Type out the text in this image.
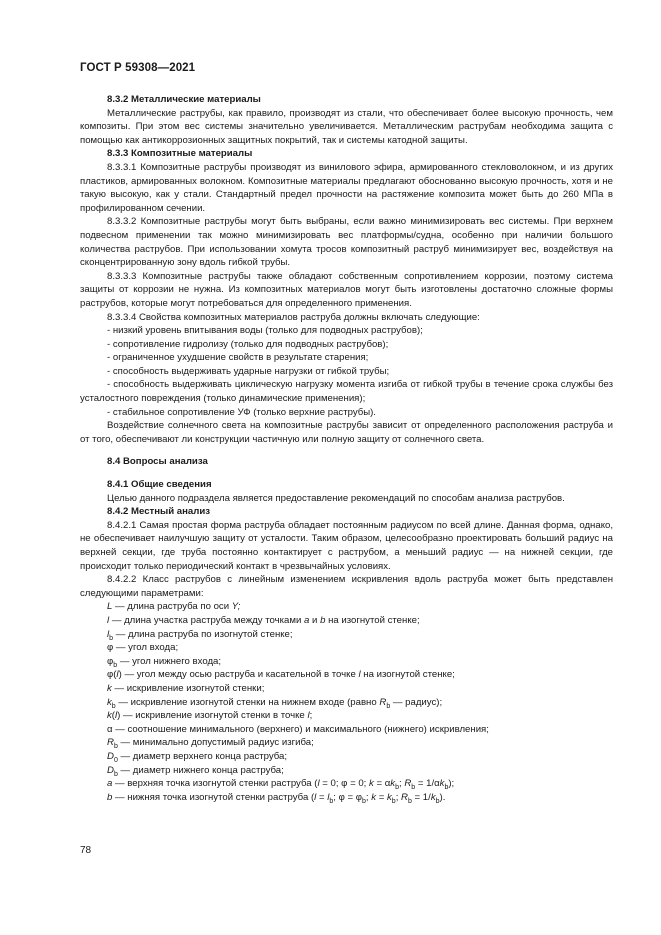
ГОСТ Р 59308—2021

8.3.2 Металлические материалы

Металлические раструбы, как правило, производят из стали, что обеспечивает более высокую прочность, чем композиты. При этом вес системы значительно увеличивается. Металлическим раструбам необходима защита с помощью как антикоррозионных защитных покрытий, так и системы катодной защиты.

8.3.3 Композитные материалы

8.3.3.1 Композитные раструбы производят из винилового эфира, армированного стекловолокном, и из других пластиков, армированных волокном. Композитные материалы предлагают обоснованно высокую прочность, хотя и не такую высокую, как у стали. Стандартный предел прочности на растяжение композита может быть до 260 МПа в профилированном сечении.

8.3.3.2 Композитные раструбы могут быть выбраны, если важно минимизировать вес системы. При верхнем подвесном применении так можно минимизировать вес платформы/судна, особенно при наличии большого количества раструбов. При использовании хомута тросов композитный раструб минимизирует вес, воздействуя на сконцентрированную зону вдоль гибкой трубы.

8.3.3.3 Композитные раструбы также обладают собственным сопротивлением коррозии, поэтому система защиты от коррозии не нужна. Из композитных материалов могут быть изготовлены достаточно сложные формы раструбов, которые могут потребоваться для определенного применения.

8.3.3.4 Свойства композитных материалов раструба должны включать следующие:

- низкий уровень впитывания воды (только для подводных раструбов);

- сопротивление гидролизу (только для подводных раструбов);

- ограниченное ухудшение свойств в результате старения;

- способность выдерживать ударные нагрузки от гибкой трубы;

- способность выдерживать циклическую нагрузку момента изгиба от гибкой трубы в течение срока службы без усталостного повреждения (только динамические применения);

- стабильное сопротивление УФ (только верхние раструбы).

Воздействие солнечного света на композитные раструбы зависит от определенного расположения раструба и от того, обеспечивают ли конструкции частичную или полную защиту от солнечного света.

8.4 Вопросы анализа

8.4.1 Общие сведения

Целью данного подраздела является предоставление рекомендаций по способам анализа раструбов.

8.4.2 Местный анализ

8.4.2.1 Самая простая форма раструба обладает постоянным радиусом по всей длине. Данная форма, однако, не обеспечивает наилучшую защиту от усталости. Таким образом, целесообразно проектировать больший радиус на верхней секции, где труба постоянно контактирует с раструбом, а меньший радиус — на нижней секции, где происходит только периодический контакт в чрезвычайных условиях.

8.4.2.2 Класс раструбов с линейным изменением искривления вдоль раструба может быть представлен следующими параметрами:

L — длина раструба по оси Y;

l — длина участка раструба между точками a и b на изогнутой стенке;

$l_b$ — длина раструба по изогнутой стенке;

φ — угол входа;

$\varphi_b$ — угол нижнего входа;

φ(l) — угол между осью раструба и касательной в точке l на изогнутой стенке;

k — искривление изогнутой стенки;

$k_b$ — искривление изогнутой стенки на нижнем входе (равно $R_b$ — радиус);

k(l) — искривление изогнутой стенки в точке l;

α — соотношение минимального (верхнего) и максимального (нижнего) искривления;

$R_b$ — минимально допустимый радиус изгиба;

$D_0$ — диаметр верхнего конца раструба;

$D_b$ — диаметр нижнего конца раструба;

a — верхняя точка изогнутой стенки раструба (l = 0; φ = 0; $k = \alpha k_b$; $R_b = 1/\alpha k_b$);

b — нижняя точка изогнутой стенки раструба ($l = l_b$; $\varphi = \varphi_b$; $k = k_b$; $R_b = 1/k_b$).

78
